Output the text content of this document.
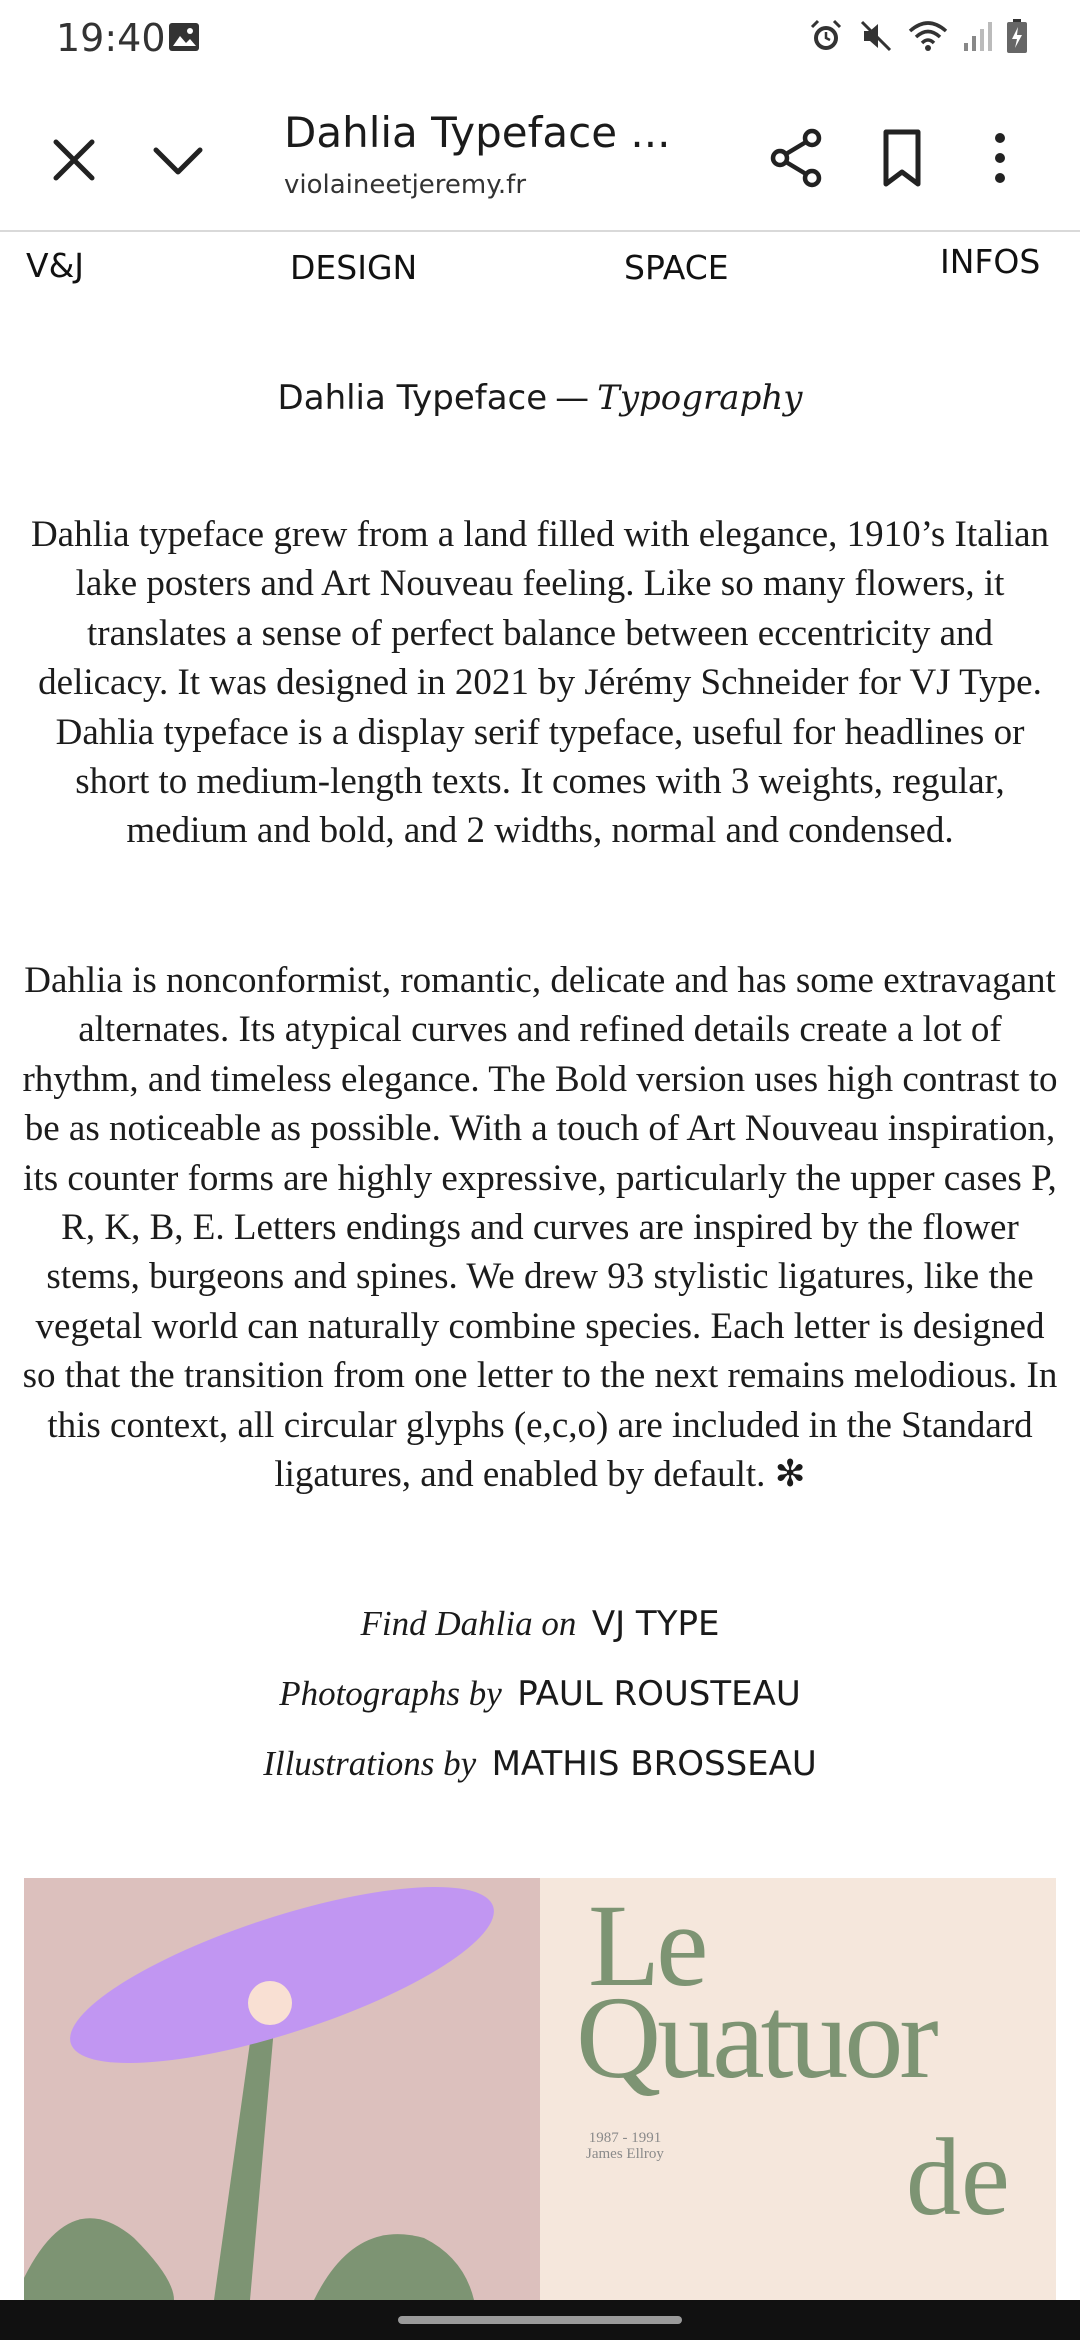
19:40
Dahlia Typeface ...
violaineetjeremy.fr
V&J	DESIGN	SPACE	INFOS
Dahlia Typeface — Typography

Dahlia typeface grew from a land filled with elegance, 1910’s Italian lake posters and Art Nouveau feeling. Like so many flowers, it translates a sense of perfect balance between eccentricity and delicacy. It was designed in 2021 by Jérémy Schneider for VJ Type. Dahlia typeface is a display serif typeface, useful for headlines or short to medium-length texts. It comes with 3 weights, regular, medium and bold, and 2 widths, normal and condensed.

Dahlia is nonconformist, romantic, delicate and has some extravagant alternates. Its atypical curves and refined details create a lot of rhythm, and timeless elegance. The Bold version uses high contrast to be as noticeable as possible. With a touch of Art Nouveau inspiration, its counter forms are highly expressive, particularly the upper cases P, R, K, B, E. Letters endings and curves are inspired by the flower stems, burgeons and spines. We drew 93 stylistic ligatures, like the vegetal world can naturally combine species. Each letter is designed so that the transition from one letter to the next remains melodious. In this context, all circular glyphs (e,c,o) are included in the Standard ligatures, and enabled by default. ✻

Find Dahlia on VJ TYPE
Photographs by PAUL ROUSTEAU
Illustrations by MATHIS BROSSEAU
Le
Quatuor
1987 - 1991
James Ellroy de
